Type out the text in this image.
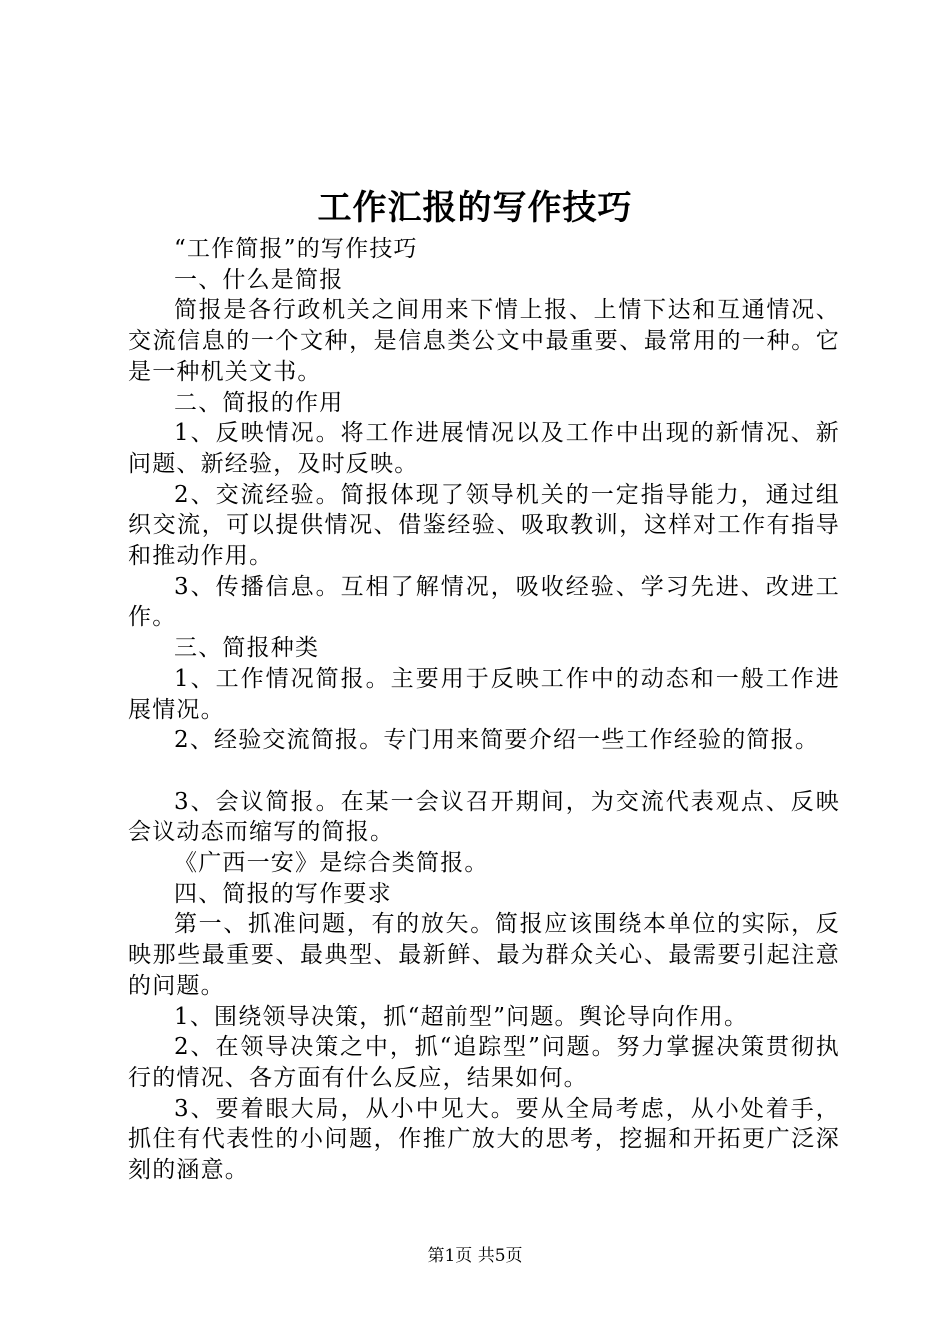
工作汇报的写作技巧

“工作简报”的写作技巧

一、什么是简报

简报是各行政机关之间用来下情上报、上情下达和互通情况、交流信息的一个文种，是信息类公文中最重要、最常用的一种。它是一种机关文书。

二、简报的作用

1、反映情况。将工作进展情况以及工作中出现的新情况、新问题、新经验，及时反映。

2、交流经验。简报体现了领导机关的一定指导能力，通过组织交流，可以提供情况、借鉴经验、吸取教训，这样对工作有指导和推动作用。

3、传播信息。互相了解情况，吸收经验、学习先进、改进工作。

三、简报种类

1、工作情况简报。主要用于反映工作中的动态和一般工作进展情况。

2、经验交流简报。专门用来简要介绍一些工作经验的简报。

3、会议简报。在某一会议召开期间，为交流代表观点、反映会议动态而缩写的简报。

《广西一安》是综合类简报。

四、简报的写作要求

第一、抓准问题，有的放矢。简报应该围绕本单位的实际，反映那些最重要、最典型、最新鲜、最为群众关心、最需要引起注意的问题。

1、围绕领导决策，抓“超前型”问题。舆论导向作用。

2、在领导决策之中，抓“追踪型”问题。努力掌握决策贯彻执行的情况、各方面有什么反应，结果如何。

3、要着眼大局，从小中见大。要从全局考虑，从小处着手，抓住有代表性的小问题，作推广放大的思考，挖掘和开拓更广泛深刻的涵意。

第1页 共5页
